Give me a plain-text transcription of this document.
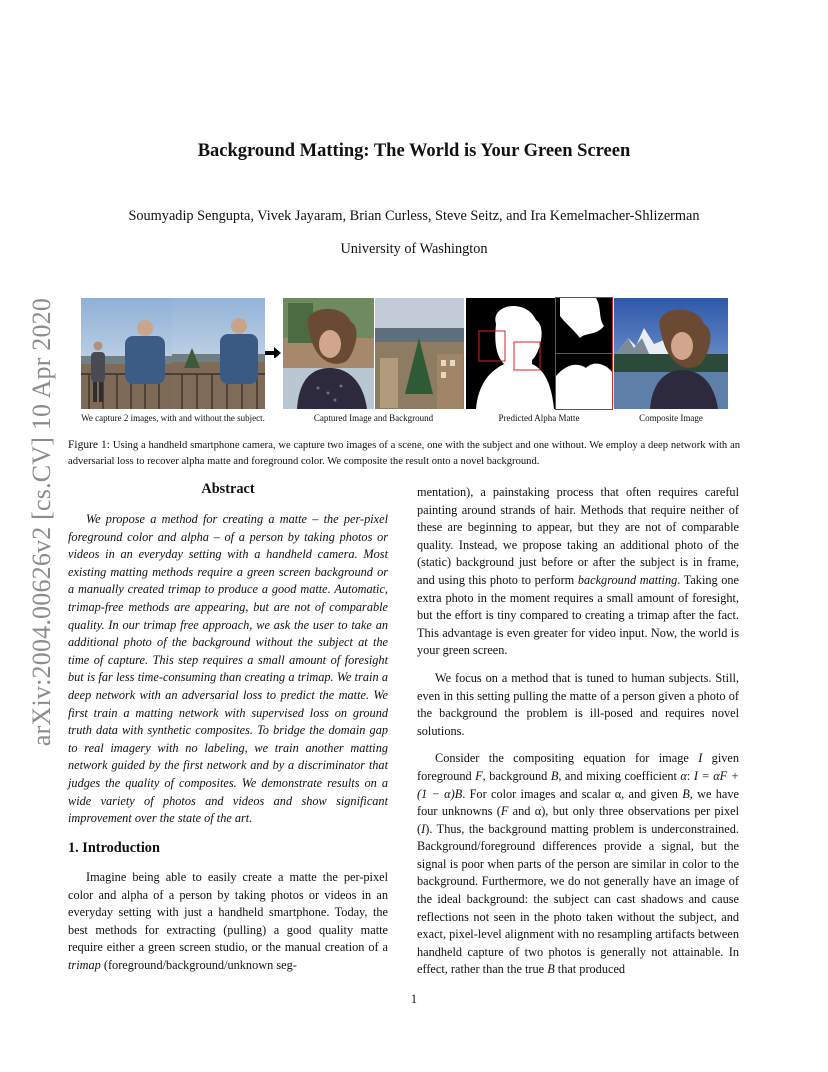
Background Matting: The World is Your Green Screen
Soumyadip Sengupta, Vivek Jayaram, Brian Curless, Steve Seitz, and Ira Kemelmacher-Shlizerman
University of Washington
arXiv:2004.00626v2 [cs.CV] 10 Apr 2020	We capture 2 images, with and without the subject.	Captured Image and Background	Predicted Alpha Matte	Composite Image
Figure 1: Using a handheld smartphone camera, we capture two images of a scene, one with the subject and one without. We employ a deep network with an adversarial loss to recover alpha matte and foreground color. We composite the result onto a novel background.
Abstract

We propose a method for creating a matte – the per-pixel foreground color and alpha – of a person by taking photos or videos in an everyday setting with a handheld camera. Most existing matting methods require a green screen background or a manually created trimap to produce a good matte. Automatic, trimap-free methods are appearing, but are not of comparable quality. In our trimap free approach, we ask the user to take an additional photo of the background without the subject at the time of capture. This step requires a small amount of foresight but is far less time-consuming than creating a trimap. We train a deep network with an adversarial loss to predict the matte. We first train a matting network with supervised loss on ground truth data with synthetic composites. To bridge the domain gap to real imagery with no labeling, we train another matting network guided by the first network and by a discriminator that judges the quality of composites. We demonstrate results on a wide variety of photos and videos and show significant improvement over the state of the art.

1. Introduction

Imagine being able to easily create a matte the per-pixel color and alpha of a person by taking photos or videos in an everyday setting with just a handheld smartphone. Today, the best methods for extracting (pulling) a good quality matte require either a green screen studio, or the manual creation of a trimap (foreground/background/unknown seg-

mentation), a painstaking process that often requires careful painting around strands of hair. Methods that require neither of these are beginning to appear, but they are not of comparable quality. Instead, we propose taking an additional photo of the (static) background just before or after the subject is in frame, and using this photo to perform background matting. Taking one extra photo in the moment requires a small amount of foresight, but the effort is tiny compared to creating a trimap after the fact. This advantage is even greater for video input. Now, the world is your green screen.

We focus on a method that is tuned to human subjects. Still, even in this setting pulling the matte of a person given a photo of the background the problem is ill-posed and requires novel solutions.

Consider the compositing equation for image I given foreground F, background B, and mixing coefficient α: I = αF + (1 − α)B. For color images and scalar α, and given B, we have four unknowns (F and α), but only three observations per pixel (I). Thus, the background matting problem is underconstrained. Background/foreground differences provide a signal, but the signal is poor when parts of the person are similar in color to the background. Furthermore, we do not generally have an image of the ideal background: the subject can cast shadows and cause reflections not seen in the photo taken without the subject, and exact, pixel-level alignment with no resampling artifacts between handheld capture of two photos is generally not attainable. In effect, rather than the true B that produced

1
